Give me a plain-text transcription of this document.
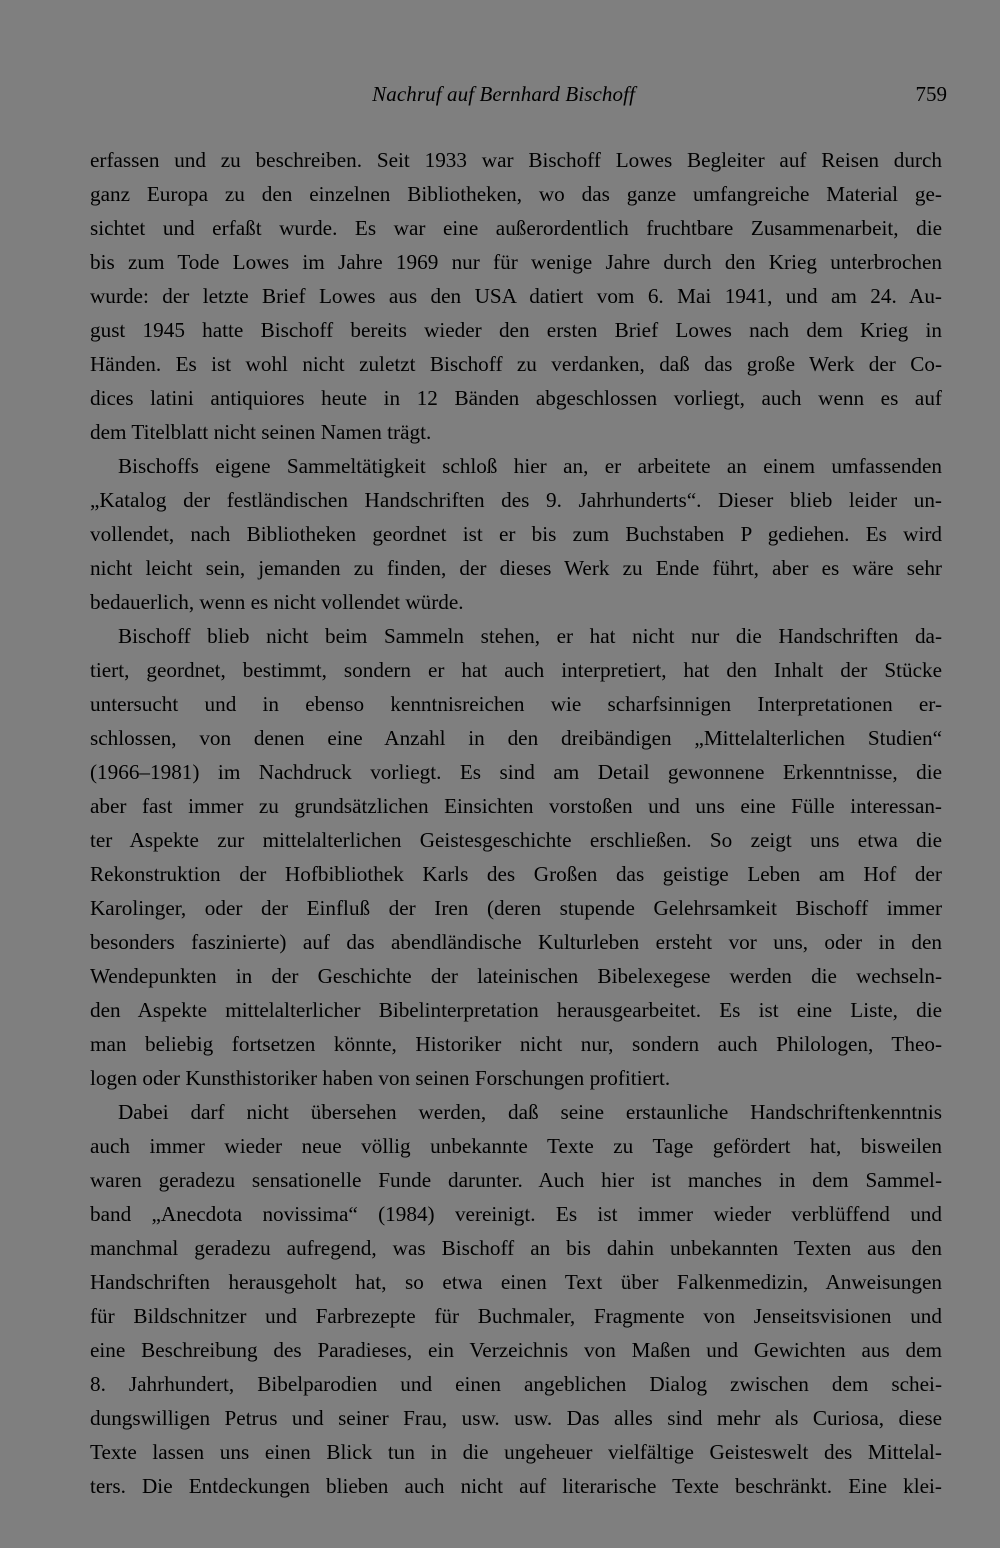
Nachruf auf Bernhard Bischoff	759
erfassen und zu beschreiben. Seit 1933 war Bischoff Lowes Begleiter auf Reisen durch
ganz Europa zu den einzelnen Bibliotheken, wo das ganze umfangreiche Material ge-
sichtet und erfaßt wurde. Es war eine außerordentlich fruchtbare Zusammenarbeit, die
bis zum Tode Lowes im Jahre 1969 nur für wenige Jahre durch den Krieg unterbrochen
wurde: der letzte Brief Lowes aus den USA datiert vom 6. Mai 1941, und am 24. Au-
gust 1945 hatte Bischoff bereits wieder den ersten Brief Lowes nach dem Krieg in
Händen. Es ist wohl nicht zuletzt Bischoff zu verdanken, daß das große Werk der Co-
dices latini antiquiores heute in 12 Bänden abgeschlossen vorliegt, auch wenn es auf
dem Titelblatt nicht seinen Namen trägt.
Bischoffs eigene Sammeltätigkeit schloß hier an, er arbeitete an einem umfassenden
„Katalog der festländischen Handschriften des 9. Jahrhunderts“. Dieser blieb leider un-
vollendet, nach Bibliotheken geordnet ist er bis zum Buchstaben P gediehen. Es wird
nicht leicht sein, jemanden zu finden, der dieses Werk zu Ende führt, aber es wäre sehr
bedauerlich, wenn es nicht vollendet würde.
Bischoff blieb nicht beim Sammeln stehen, er hat nicht nur die Handschriften da-
tiert, geordnet, bestimmt, sondern er hat auch interpretiert, hat den Inhalt der Stücke
untersucht und in ebenso kenntnisreichen wie scharfsinnigen Interpretationen er-
schlossen, von denen eine Anzahl in den dreibändigen „Mittelalterlichen Studien“
(1966–1981) im Nachdruck vorliegt. Es sind am Detail gewonnene Erkenntnisse, die
aber fast immer zu grundsätzlichen Einsichten vorstoßen und uns eine Fülle interessan-
ter Aspekte zur mittelalterlichen Geistesgeschichte erschließen. So zeigt uns etwa die
Rekonstruktion der Hofbibliothek Karls des Großen das geistige Leben am Hof der
Karolinger, oder der Einfluß der Iren (deren stupende Gelehrsamkeit Bischoff immer
besonders faszinierte) auf das abendländische Kulturleben ersteht vor uns, oder in den
Wendepunkten in der Geschichte der lateinischen Bibelexegese werden die wechseln-
den Aspekte mittelalterlicher Bibelinterpretation herausgearbeitet. Es ist eine Liste, die
man beliebig fortsetzen könnte, Historiker nicht nur, sondern auch Philologen, Theo-
logen oder Kunsthistoriker haben von seinen Forschungen profitiert.
Dabei darf nicht übersehen werden, daß seine erstaunliche Handschriftenkenntnis
auch immer wieder neue völlig unbekannte Texte zu Tage gefördert hat, bisweilen
waren geradezu sensationelle Funde darunter. Auch hier ist manches in dem Sammel-
band „Anecdota novissima“ (1984) vereinigt. Es ist immer wieder verblüffend und
manchmal geradezu aufregend, was Bischoff an bis dahin unbekannten Texten aus den
Handschriften herausgeholt hat, so etwa einen Text über Falkenmedizin, Anweisungen
für Bildschnitzer und Farbrezepte für Buchmaler, Fragmente von Jenseitsvisionen und
eine Beschreibung des Paradieses, ein Verzeichnis von Maßen und Gewichten aus dem
8. Jahrhundert, Bibelparodien und einen angeblichen Dialog zwischen dem schei-
dungswilligen Petrus und seiner Frau, usw. usw. Das alles sind mehr als Curiosa, diese
Texte lassen uns einen Blick tun in die ungeheuer vielfältige Geisteswelt des Mittelal-
ters. Die Entdeckungen blieben auch nicht auf literarische Texte beschränkt. Eine klei-
